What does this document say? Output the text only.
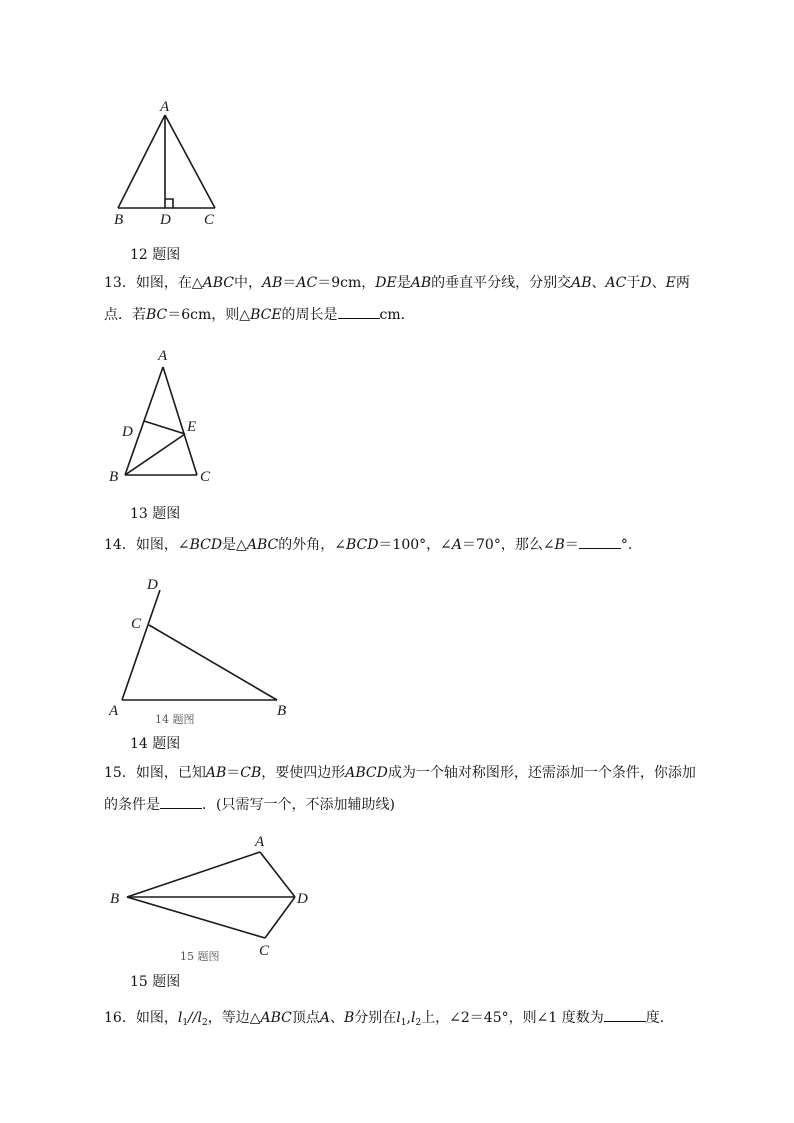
A
B D C
12 题图
13．如图，在△ABC中，AB＝AC＝9cm，DE是AB的垂直平分线，分别交AB、AC于D、E两
点．若BC＝6cm，则△BCE的周长是	cm．
A
D	E
B	C
13 题图
14．如图，∠BCD是△ABC的外角，∠BCD＝100°，∠A＝70°，那么∠B＝	°．
D
C
A	B
14 题图
14 题图
15．如图，已知AB＝CB，要使四边形ABCD成为一个轴对称图形，还需添加一个条件，你添加
的条件是	．(只需写一个，不添加辅助线)
A
B	D
C
15 题图
15 题图
16．如图，$l_1//l_2$，等边△ABC顶点A、B分别在$l_1,l_2$上，∠2＝45°，则∠1 度数为	度．
